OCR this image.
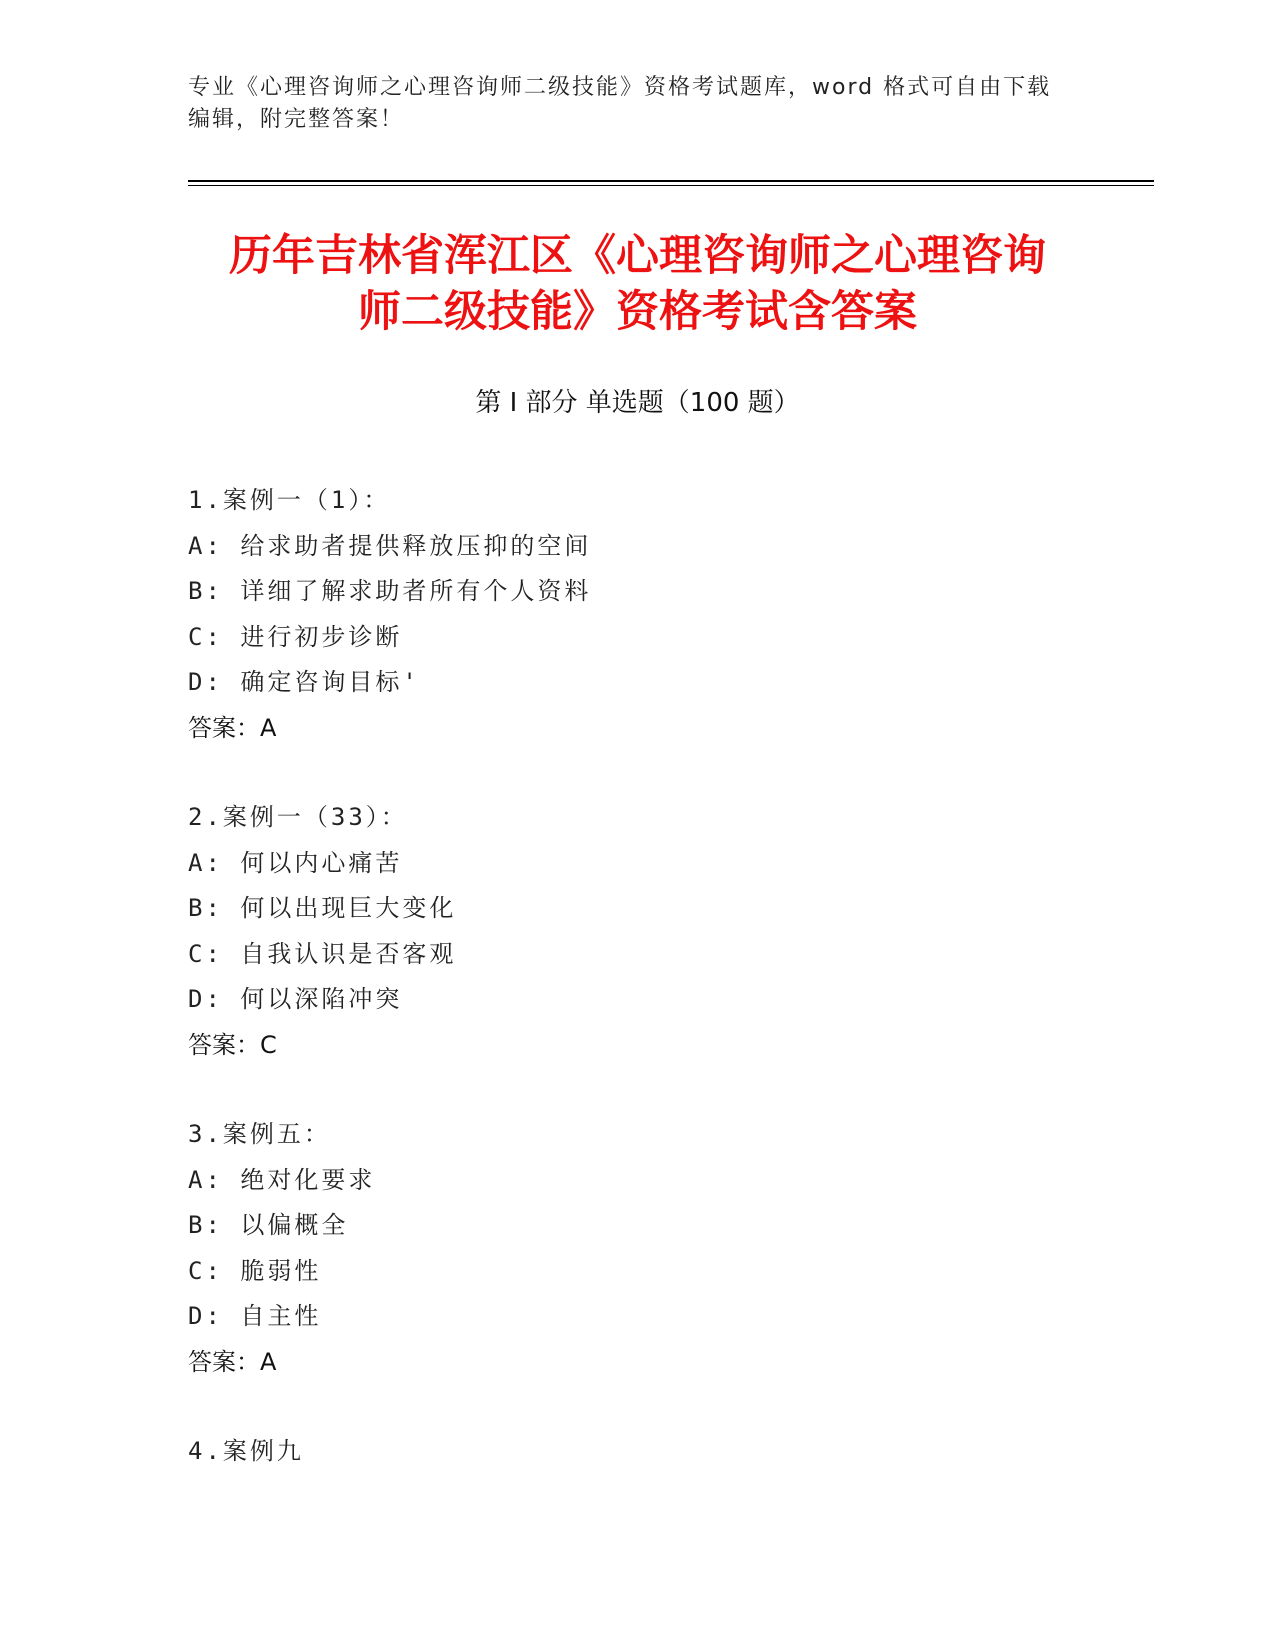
专业《心理咨询师之心理咨询师二级技能》资格考试题库，word 格式可自由下载
编辑，附完整答案！
历年吉林省浑江区《心理咨询师之心理咨询
师二级技能》资格考试含答案
第 I 部分 单选题（100 题）
1.案例一（1）：
A: 给求助者提供释放压抑的空间
B: 详细了解求助者所有个人资料
C: 进行初步诊断
D: 确定咨询目标'
答案：A
2.案例一（33）：
A: 何以内心痛苦
B: 何以出现巨大变化
C: 自我认识是否客观
D: 何以深陷冲突
答案：C
3.案例五：
A: 绝对化要求
B: 以偏概全
C: 脆弱性
D: 自主性
答案：A
4.案例九
